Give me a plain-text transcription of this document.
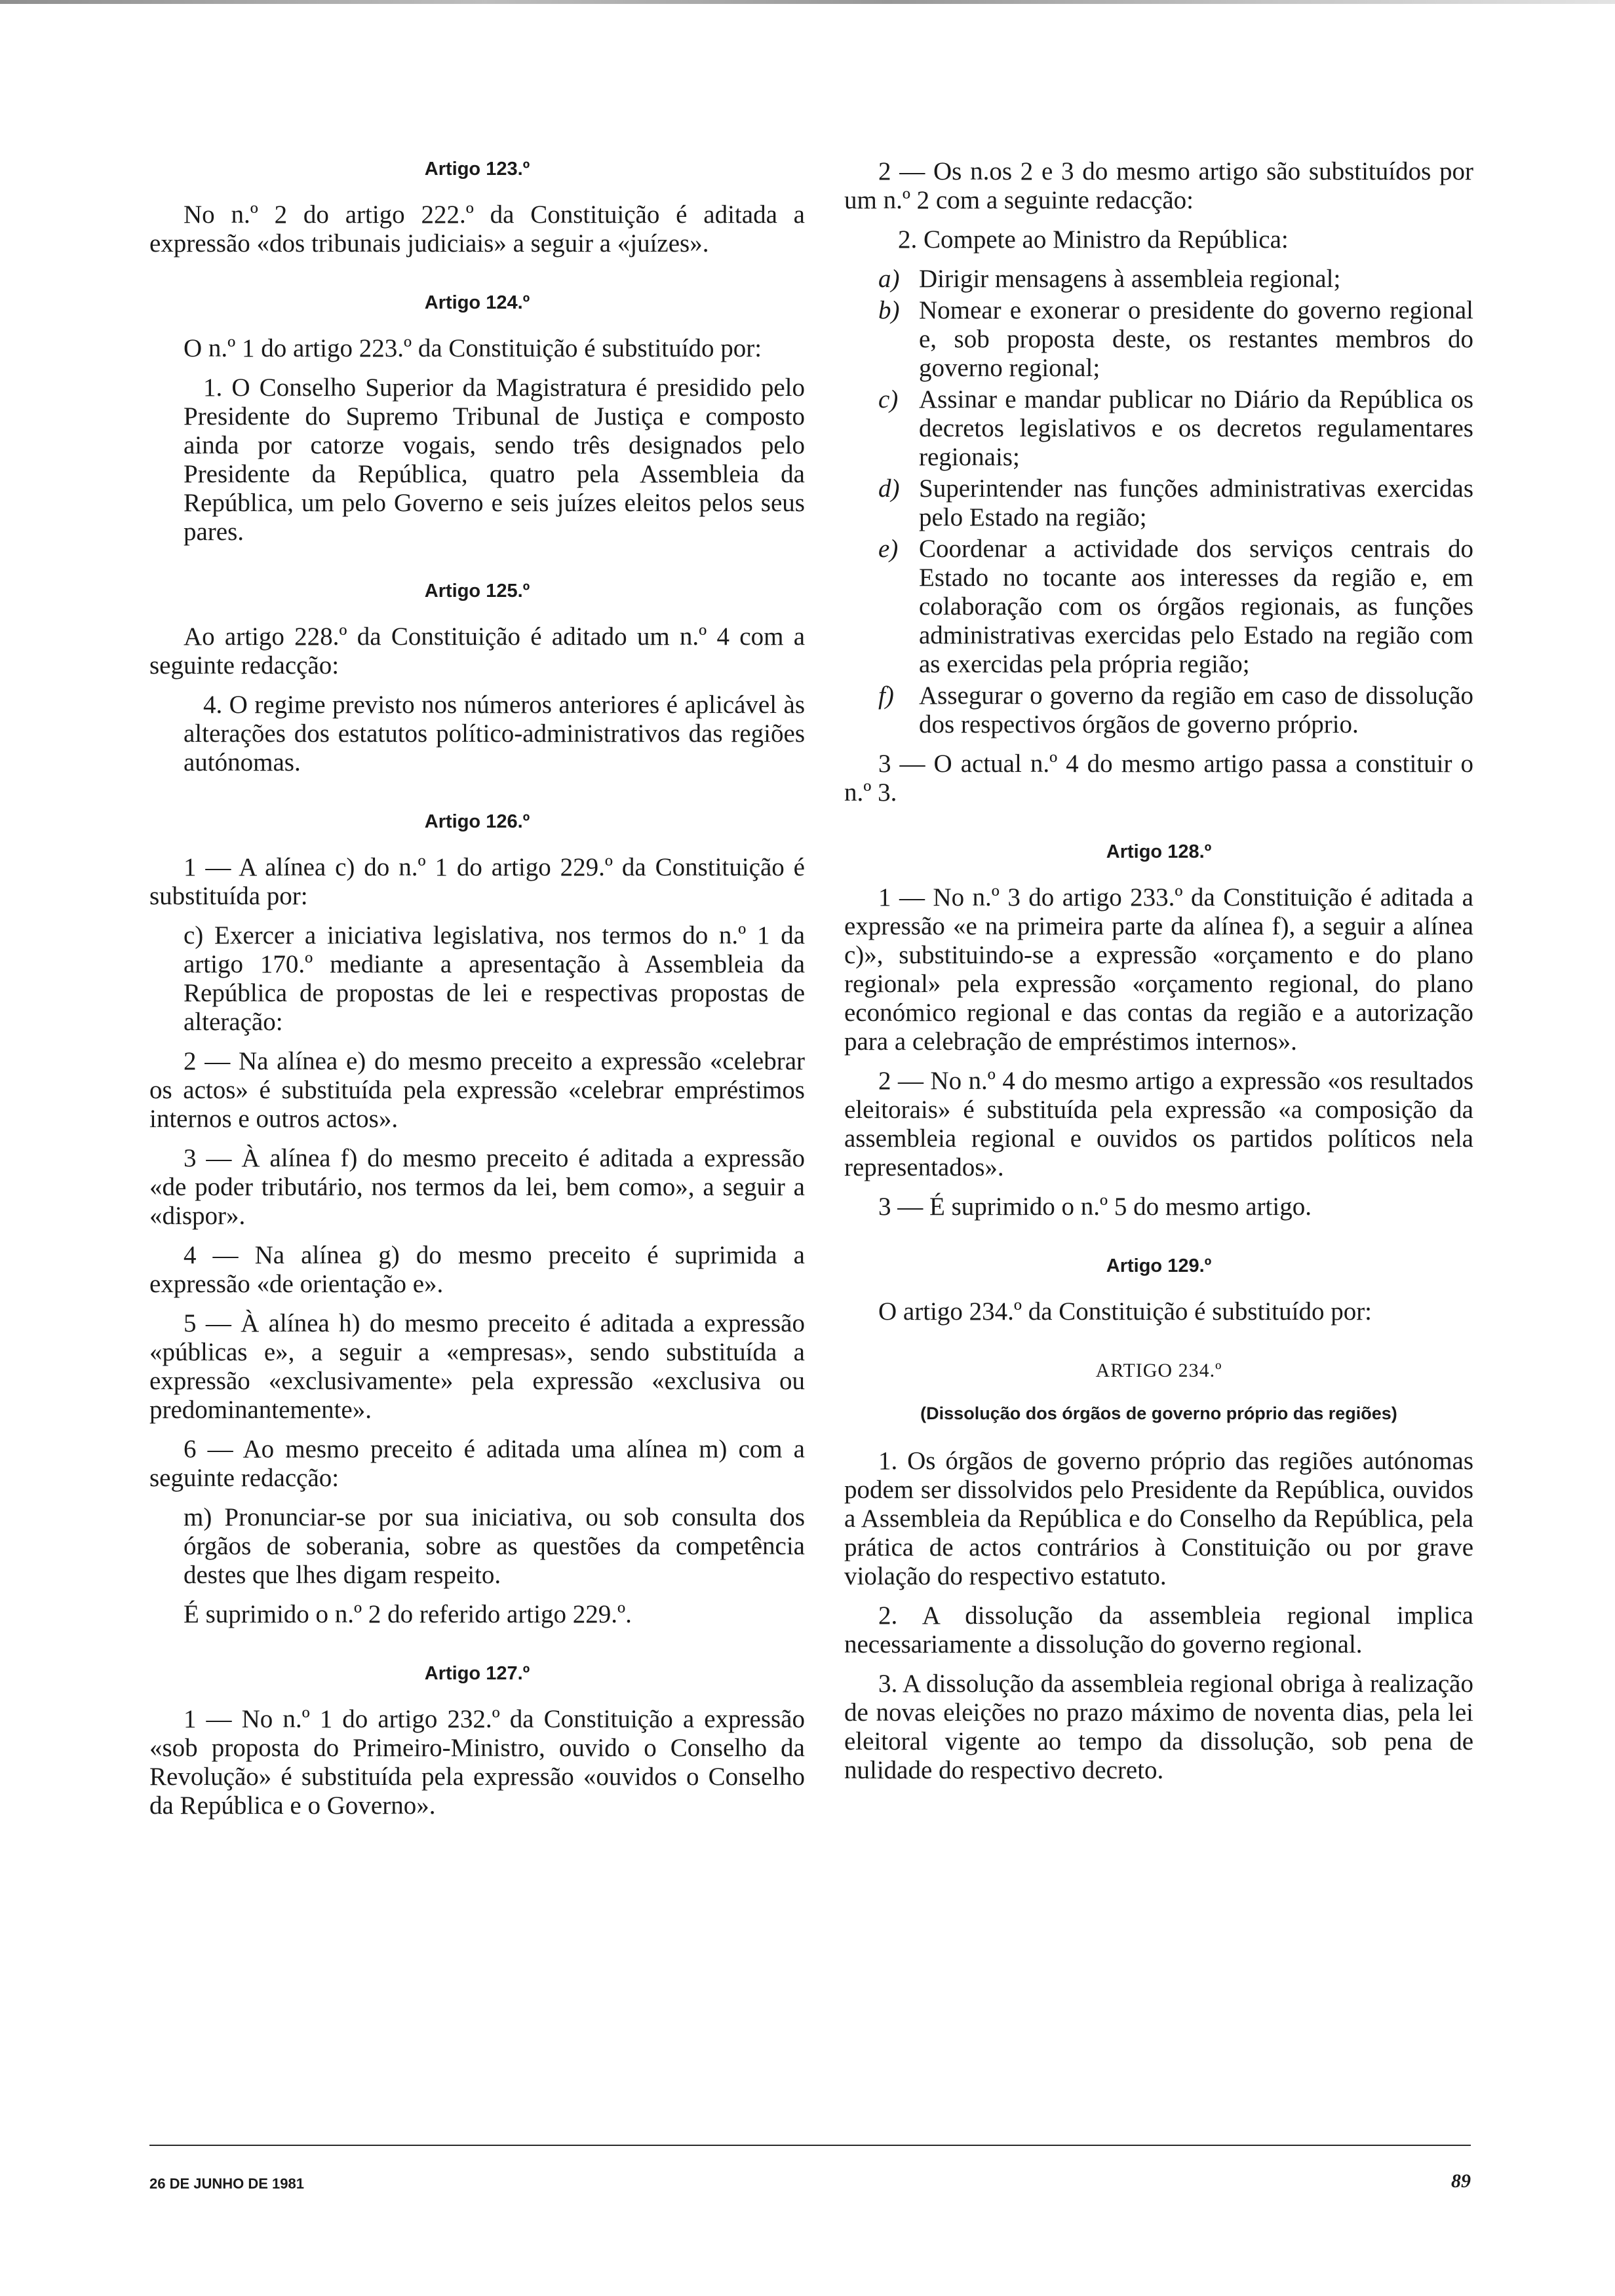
Artigo 123.º

No n.º 2 do artigo 222.º da Constituição é aditada a expressão «dos tribunais judiciais» a seguir a «juízes».

Artigo 124.º

O n.º 1 do artigo 223.º da Constituição é substituído por:

1. O Conselho Superior da Magistratura é presidido pelo Presidente do Supremo Tribunal de Justiça e composto ainda por catorze vogais, sendo três designados pelo Presidente da República, quatro pela Assembleia da República, um pelo Governo e seis juízes eleitos pelos seus pares.

Artigo 125.º

Ao artigo 228.º da Constituição é aditado um n.º 4 com a seguinte redacção:

4. O regime previsto nos números anteriores é aplicável às alterações dos estatutos político-administrativos das regiões autónomas.

Artigo 126.º

1 — A alínea c) do n.º 1 do artigo 229.º da Constituição é substituída por:

c) Exercer a iniciativa legislativa, nos termos do n.º 1 da artigo 170.º mediante a apresentação à Assembleia da República de propostas de lei e respectivas propostas de alteração:

2 — Na alínea e) do mesmo preceito a expressão «celebrar os actos» é substituída pela expressão «celebrar empréstimos internos e outros actos».

3 — À alínea f) do mesmo preceito é aditada a expressão «de poder tributário, nos termos da lei, bem como», a seguir a «dispor».

4 — Na alínea g) do mesmo preceito é suprimida a expressão «de orientação e».

5 — À alínea h) do mesmo preceito é aditada a expressão «públicas e», a seguir a «empresas», sendo substituída a expressão «exclusivamente» pela expressão «exclusiva ou predominantemente».

6 — Ao mesmo preceito é aditada uma alínea m) com a seguinte redacção:

m) Pronunciar-se por sua iniciativa, ou sob consulta dos órgãos de soberania, sobre as questões da competência destes que lhes digam respeito.

É suprimido o n.º 2 do referido artigo 229.º.

Artigo 127.º

1 — No n.º 1 do artigo 232.º da Constituição a expressão «sob proposta do Primeiro-Ministro, ouvido o Conselho da Revolução» é substituída pela expressão «ouvidos o Conselho da República e o Governo».

2 — Os n.os 2 e 3 do mesmo artigo são substituídos por um n.º 2 com a seguinte redacção:

2. Compete ao Ministro da República:

a) Dirigir mensagens à assembleia regional;
b) Nomear e exonerar o presidente do governo regional e, sob proposta deste, os restantes membros do governo regional;
c) Assinar e mandar publicar no Diário da República os decretos legislativos e os decretos regulamentares regionais;
d) Superintender nas funções administrativas exercidas pelo Estado na região;
e) Coordenar a actividade dos serviços centrais do Estado no tocante aos interesses da região e, em colaboração com os órgãos regionais, as funções administrativas exercidas pelo Estado na região com as exercidas pela própria região;
f) Assegurar o governo da região em caso de dissolução dos respectivos órgãos de governo próprio.

3 — O actual n.º 4 do mesmo artigo passa a constituir o n.º 3.

Artigo 128.º

1 — No n.º 3 do artigo 233.º da Constituição é aditada a expressão «e na primeira parte da alínea f), a seguir a alínea c)», substituindo-se a expressão «orçamento e do plano regional» pela expressão «orçamento regional, do plano económico regional e das contas da região e a autorização para a celebração de empréstimos internos».

2 — No n.º 4 do mesmo artigo a expressão «os resultados eleitorais» é substituída pela expressão «a composição da assembleia regional e ouvidos os partidos políticos nela representados».

3 — É suprimido o n.º 5 do mesmo artigo.

Artigo 129.º

O artigo 234.º da Constituição é substituído por:

ARTIGO 234.º
(Dissolução dos órgãos de governo próprio das regiões)

1. Os órgãos de governo próprio das regiões autónomas podem ser dissolvidos pelo Presidente da República, ouvidos a Assembleia da República e do Conselho da República, pela prática de actos contrários à Constituição ou por grave violação do respectivo estatuto.

2. A dissolução da assembleia regional implica necessariamente a dissolução do governo regional.

3. A dissolução da assembleia regional obriga à realização de novas eleições no prazo máximo de noventa dias, pela lei eleitoral vigente ao tempo da dissolução, sob pena de nulidade do respectivo decreto.

26 DE JUNHO DE 1981	89
